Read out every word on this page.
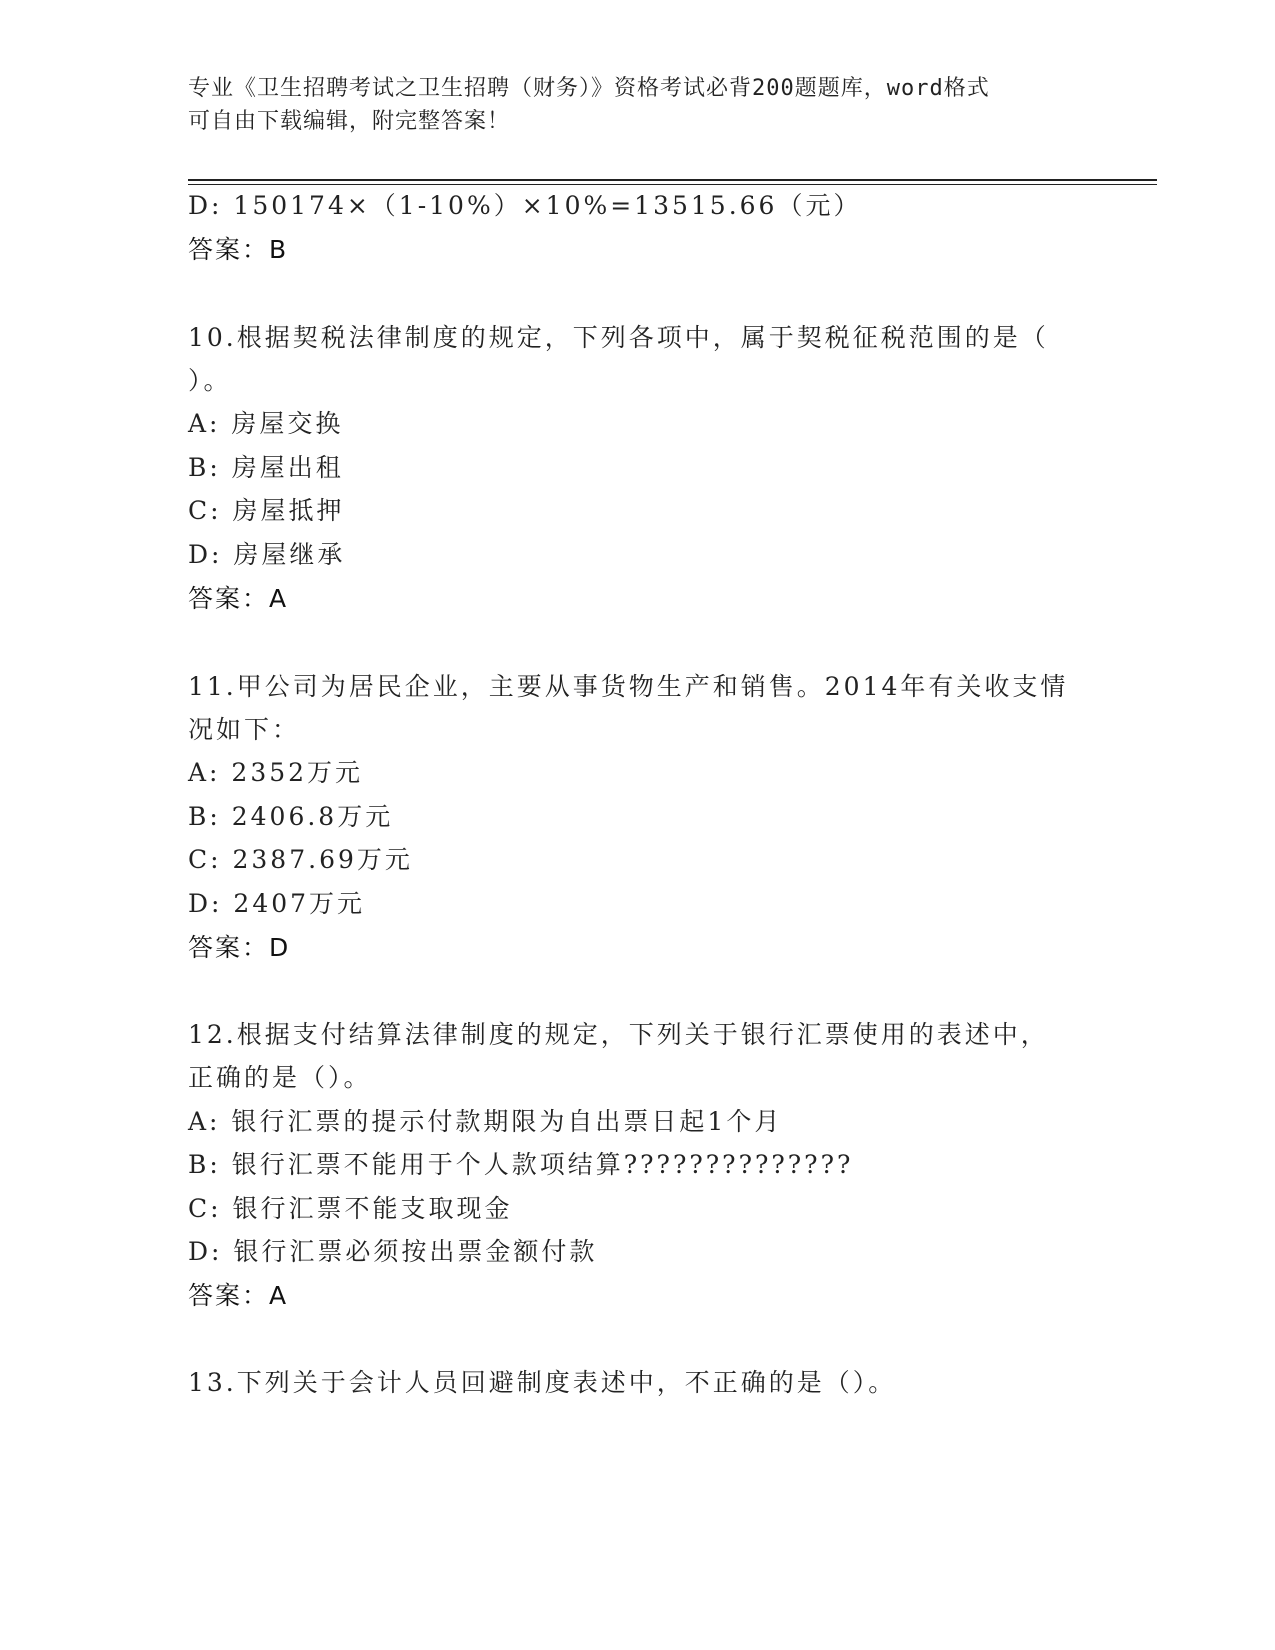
专业《卫生招聘考试之卫生招聘（财务）》资格考试必背200题题库，word格式
可自由下载编辑，附完整答案！
D: 150174×（1-10%）×10%=13515.66（元）
答案：B
10.根据契税法律制度的规定，下列各项中，属于契税征税范围的是（
）。
A: 房屋交换
B: 房屋出租
C: 房屋抵押
D: 房屋继承
答案：A
11.甲公司为居民企业，主要从事货物生产和销售。2014年有关收支情
况如下：
A: 2352万元
B: 2406.8万元
C: 2387.69万元
D: 2407万元
答案：D
12.根据支付结算法律制度的规定，下列关于银行汇票使用的表述中，
正确的是（）。
A: 银行汇票的提示付款期限为自出票日起1个月
B: 银行汇票不能用于个人款项结算??????????????
C: 银行汇票不能支取现金
D: 银行汇票必须按出票金额付款
答案：A
13.下列关于会计人员回避制度表述中，不正确的是（）。
